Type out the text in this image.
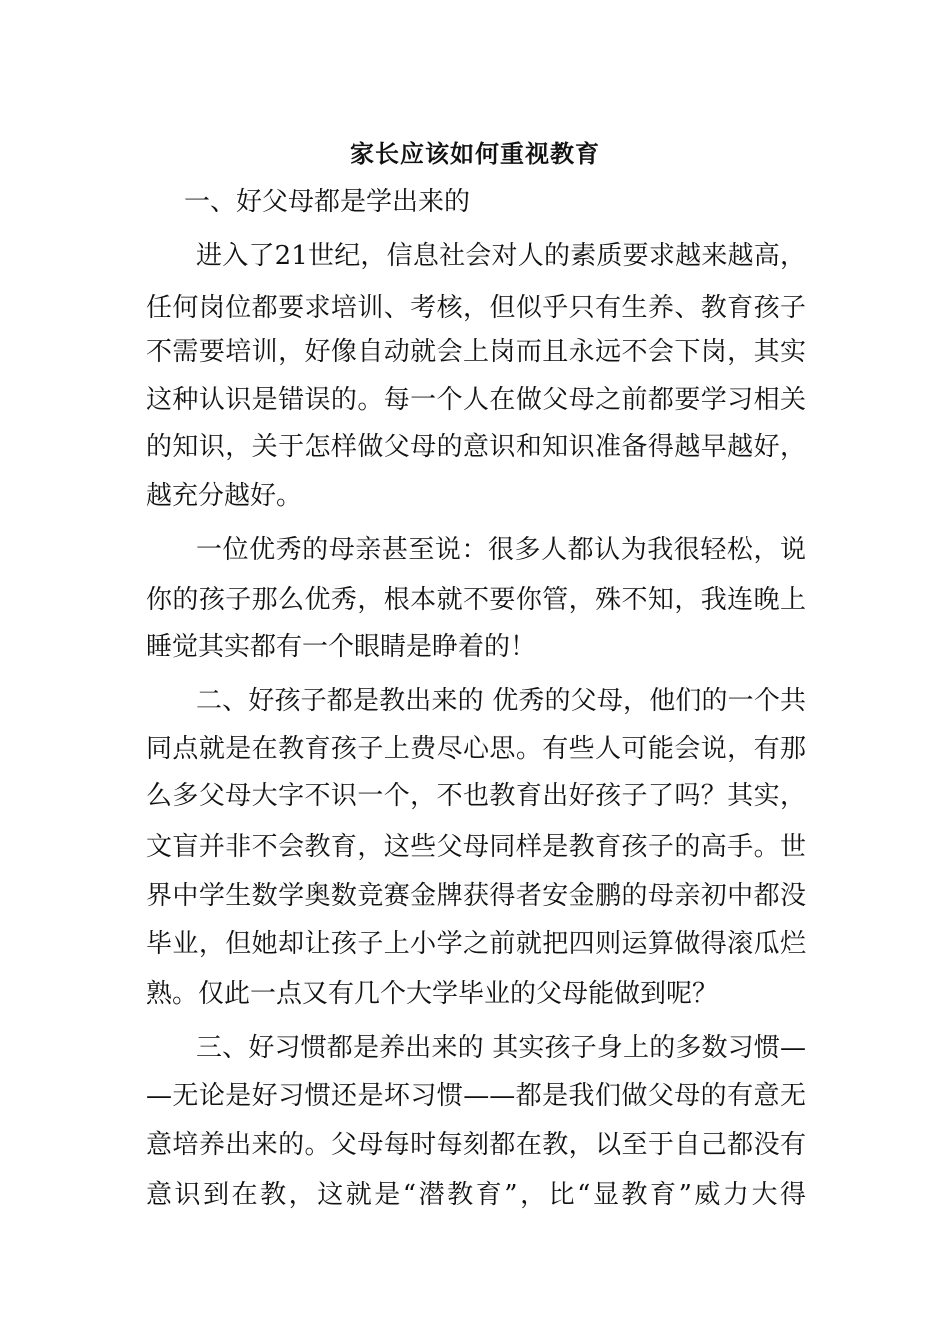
家长应该如何重视教育
一、好父母都是学出来的
进入了21世纪，信息社会对人的素质要求越来越高，
任何岗位都要求培训、考核，但似乎只有生养、教育孩子
不需要培训，好像自动就会上岗而且永远不会下岗，其实
这种认识是错误的。每一个人在做父母之前都要学习相关
的知识，关于怎样做父母的意识和知识准备得越早越好，
越充分越好。
一位优秀的母亲甚至说：很多人都认为我很轻松，说
你的孩子那么优秀，根本就不要你管，殊不知，我连晚上
睡觉其实都有一个眼睛是睁着的！
二、好孩子都是教出来的 优秀的父母，他们的一个共
同点就是在教育孩子上费尽心思。有些人可能会说，有那
么多父母大字不识一个，不也教育出好孩子了吗？其实，
文盲并非不会教育，这些父母同样是教育孩子的高手。世
界中学生数学奥数竞赛金牌获得者安金鹏的母亲初中都没
毕业，但她却让孩子上小学之前就把四则运算做得滚瓜烂
熟。仅此一点又有几个大学毕业的父母能做到呢？
三、好习惯都是养出来的 其实孩子身上的多数习惯—
—无论是好习惯还是坏习惯——都是我们做父母的有意无
意培养出来的。父母每时每刻都在教，以至于自己都没有
意识到在教，这就是“潜教育”，比“显教育”威力大得
